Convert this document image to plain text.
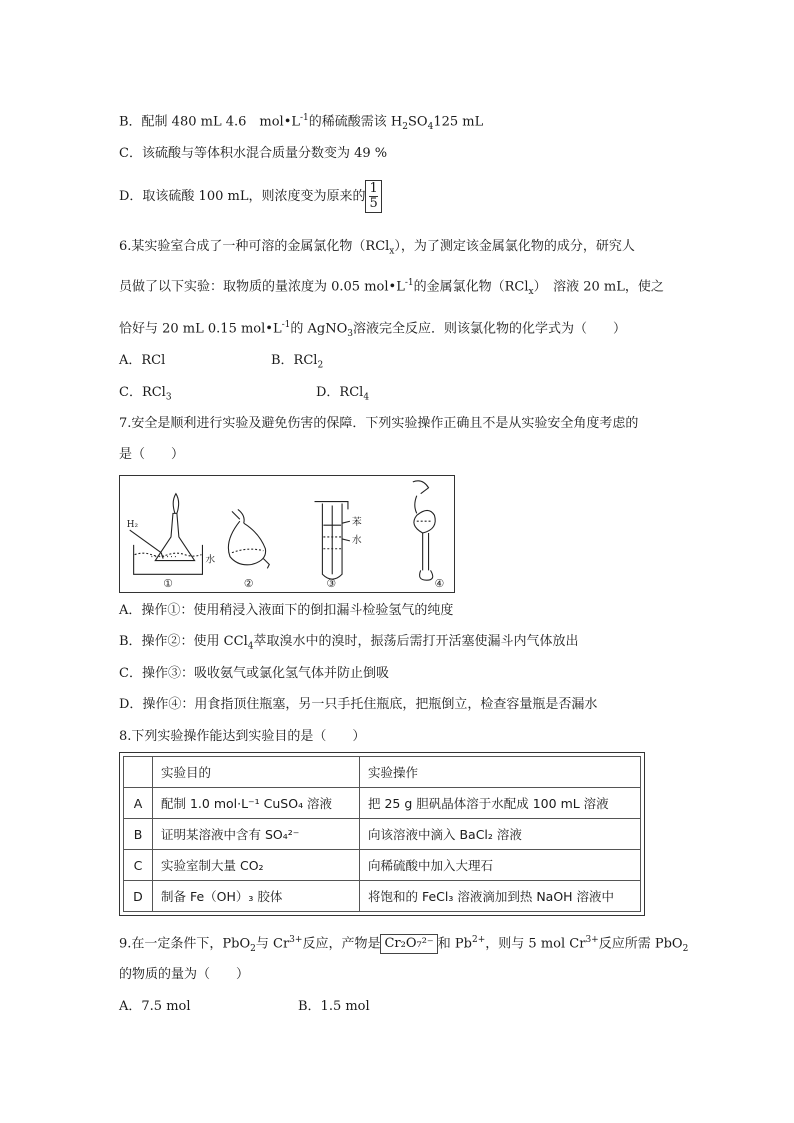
B．配制 480 mL 4.6　$mol•L^{-1}$的稀硫酸需该 $H_2SO_4125$ mL
C．该硫酸与等体积水混合质量分数变为 49 %
D．取该硫酸 100 mL，则浓度变为原来的 $\frac{1}{5}$
6.某实验室合成了一种可溶的金属氯化物（RCl$_x$），为了测定该金属氯化物的成分，研究人
员做了以下实验：取物质的量浓度为 0.05 $mol•L^{-1}$的金属氯化物（RCl$_x$）　溶液 20 mL，使之
恰好与 20 mL 0.15 $mol•L^{-1}$的 AgNO$_3$溶液完全反应．则该氯化物的化学式为（　　）
A．RCl	B．RCl$_2$
C．RCl$_3$	D．RCl$_4$
7.安全是顺利进行实验及避免伤害的保障．下列实验操作正确且不是从实验安全角度考虑的
是（　　）
H₂
水
①	②
苯
水
③	④
A．操作①：使用稍浸入液面下的倒扣漏斗检验氢气的纯度
B．操作②：使用 CCl$_4$萃取溴水中的溴时，振荡后需打开活塞使漏斗内气体放出
C．操作③：吸收氨气或氯化氢气体并防止倒吸
D．操作④：用食指顶住瓶塞，另一只手托住瓶底，把瓶倒立，检查容量瓶是否漏水
8.下列实验操作能达到实验目的是（　　）
	实验目的	实验操作
A	配制 1.0 mol·L⁻¹ CuSO₄ 溶液	把 25 g 胆矾晶体溶于水配成 100 mL 溶液
B	证明某溶液中含有 SO₄²⁻	向该溶液中滴入 BaCl₂ 溶液
C	实验室制大量 CO₂	向稀硫酸中加入大理石
D	制备 Fe（OH）₃ 胶体	将饱和的 FeCl₃ 溶液滴加到热 NaOH 溶液中
9.在一定条件下，PbO$_2$与 $Cr^{3+}$反应，产物是 Cr₂O₇²⁻ 和 $Pb^{2+}$，则与 5 mol $Cr^{3+}$反应所需 PbO$_2$
的物质的量为（　　）
A．7.5 mol	B．1.5 mol
